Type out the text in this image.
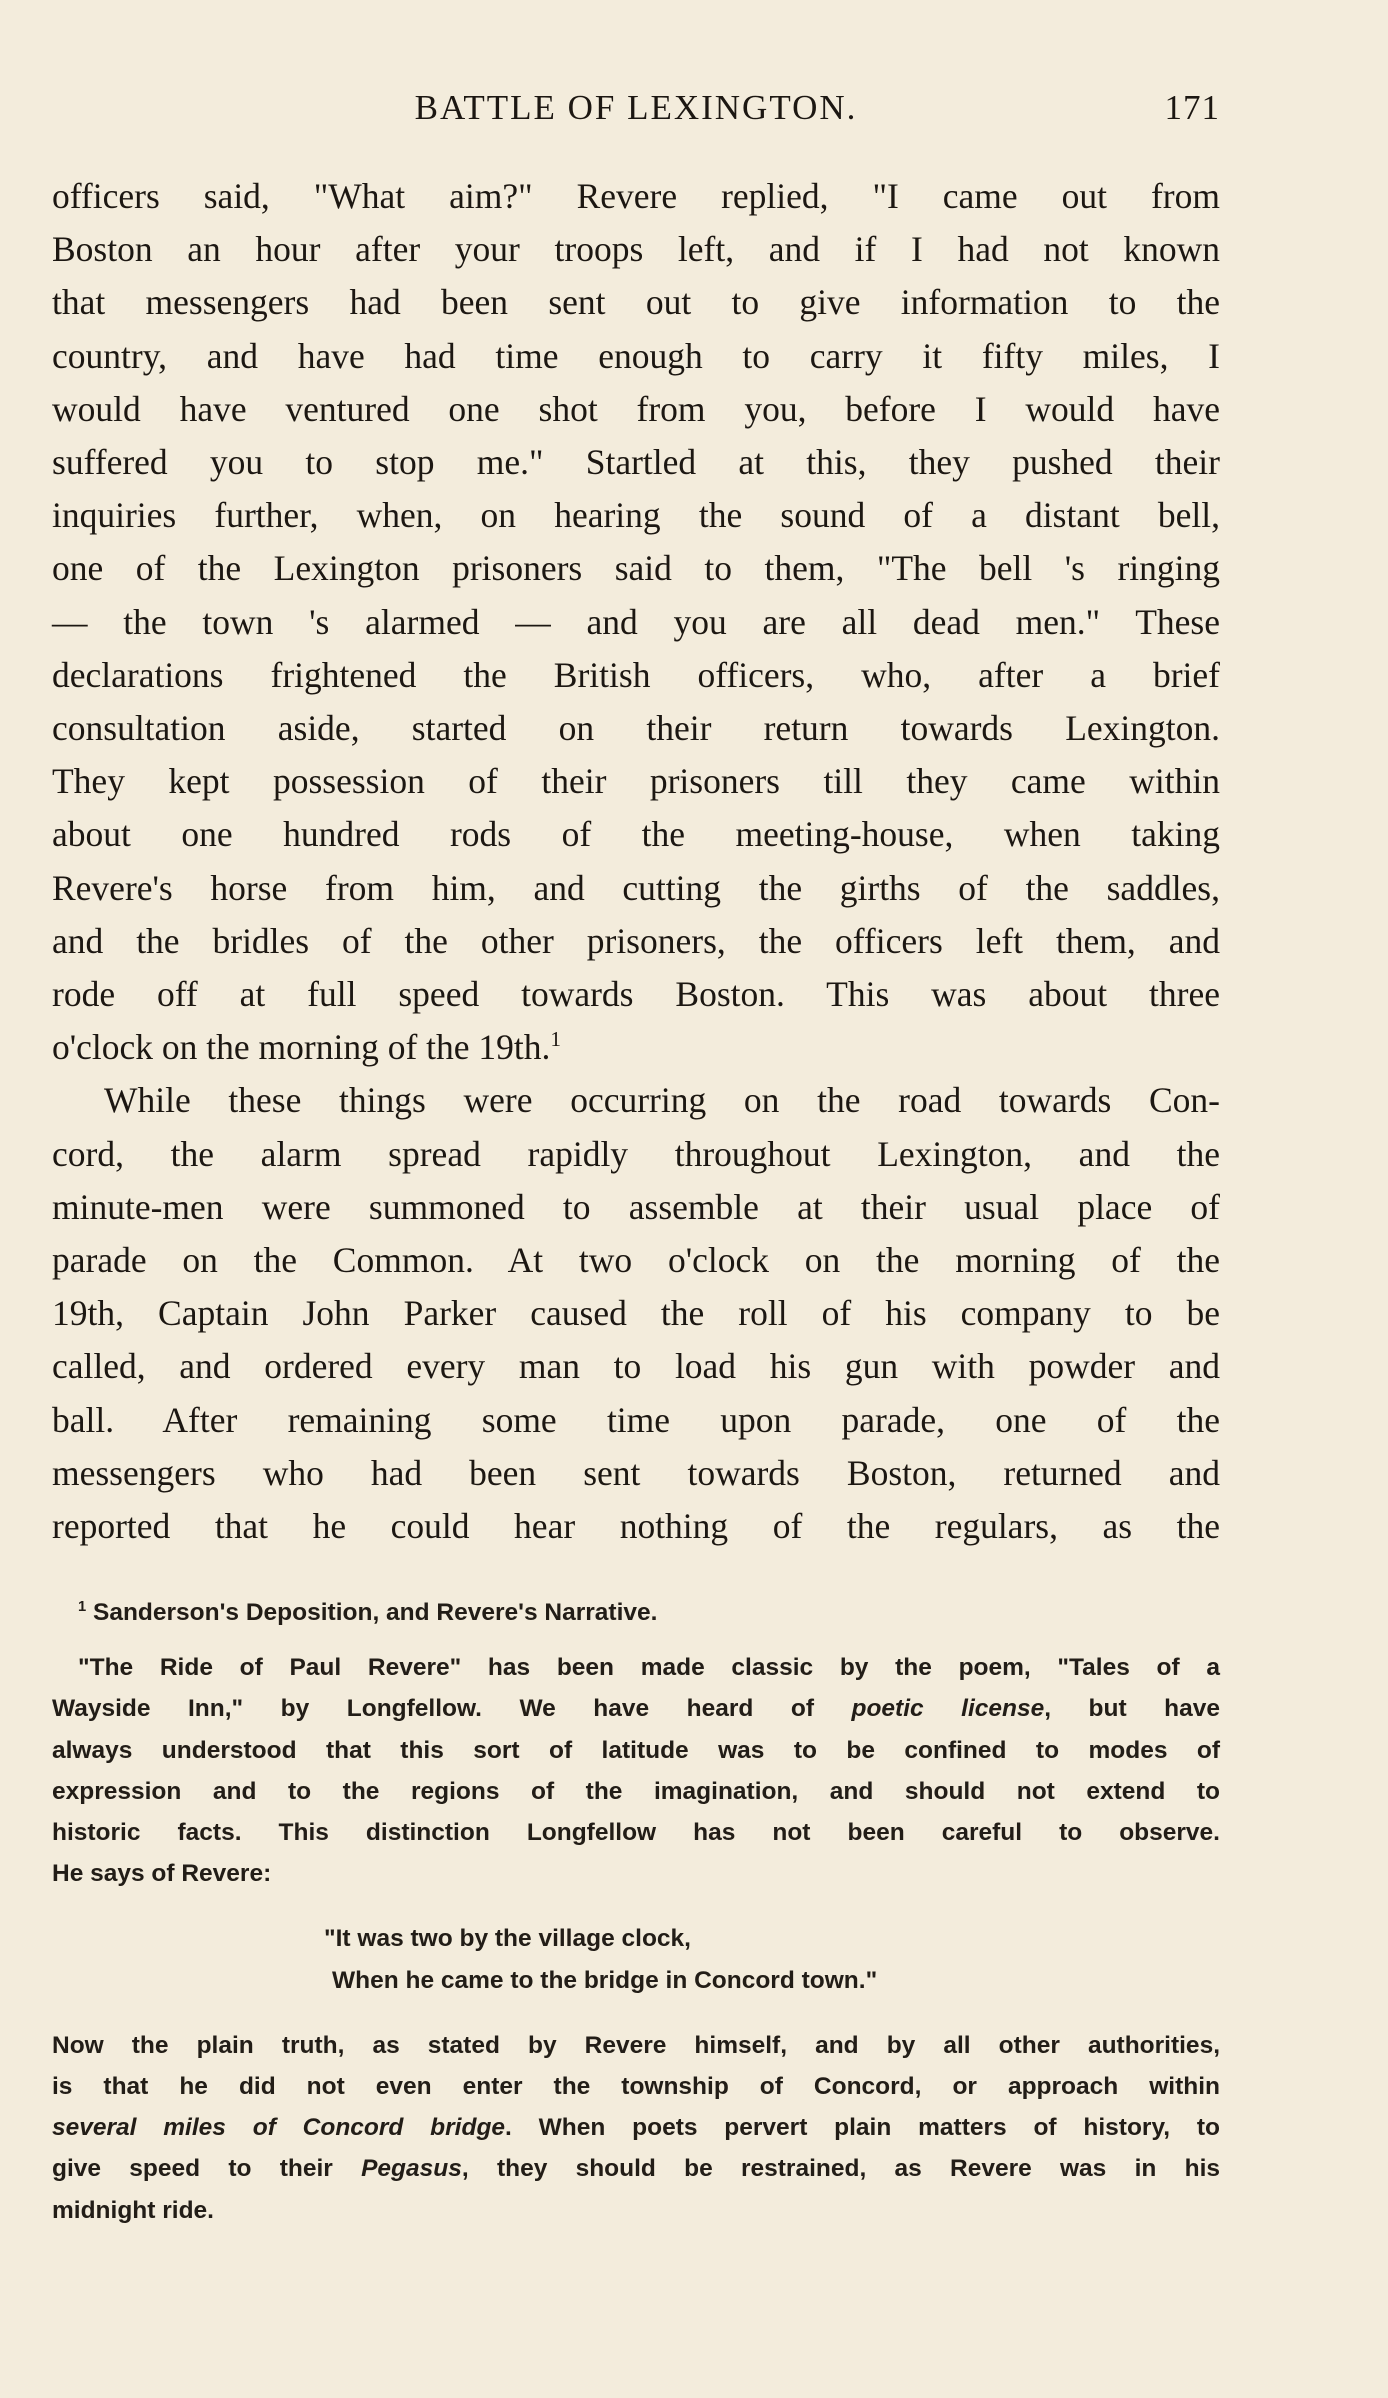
BATTLE OF LEXINGTON.	171

officers said, "What aim?" Revere replied, "I came out from

Boston an hour after your troops left, and if I had not known

that messengers had been sent out to give information to the

country, and have had time enough to carry it fifty miles, I

would have ventured one shot from you, before I would have

suffered you to stop me." Startled at this, they pushed their

inquiries further, when, on hearing the sound of a distant bell,

one of the Lexington prisoners said to them, "The bell 's ringing

— the town 's alarmed — and you are all dead men." These

declarations frightened the British officers, who, after a brief

consultation aside, started on their return towards Lexington.

They kept possession of their prisoners till they came within

about one hundred rods of the meeting-house, when taking

Revere's horse from him, and cutting the girths of the saddles,

and the bridles of the other prisoners, the officers left them, and

rode off at full speed towards Boston. This was about three

o'clock on the morning of the 19th.$^1$

While these things were occurring on the road towards Con-

cord, the alarm spread rapidly throughout Lexington, and the

minute-men were summoned to assemble at their usual place of

parade on the Common. At two o'clock on the morning of the

19th, Captain John Parker caused the roll of his company to be

called, and ordered every man to load his gun with powder and

ball. After remaining some time upon parade, one of the

messengers who had been sent towards Boston, returned and

reported that he could hear nothing of the regulars, as the

$^1$ Sanderson's Deposition, and Revere's Narrative.

"The Ride of Paul Revere" has been made classic by the poem, "Tales of a

Wayside Inn," by Longfellow. We have heard of poetic license, but have

always understood that this sort of latitude was to be confined to modes of

expression and to the regions of the imagination, and should not extend to

historic facts. This distinction Longfellow has not been careful to observe.

He says of Revere:

"It was two by the village clock,
When he came to the bridge in Concord town."

Now the plain truth, as stated by Revere himself, and by all other authorities,

is that he did not even enter the township of Concord, or approach within

several miles of Concord bridge. When poets pervert plain matters of history, to

give speed to their Pegasus, they should be restrained, as Revere was in his

midnight ride.
